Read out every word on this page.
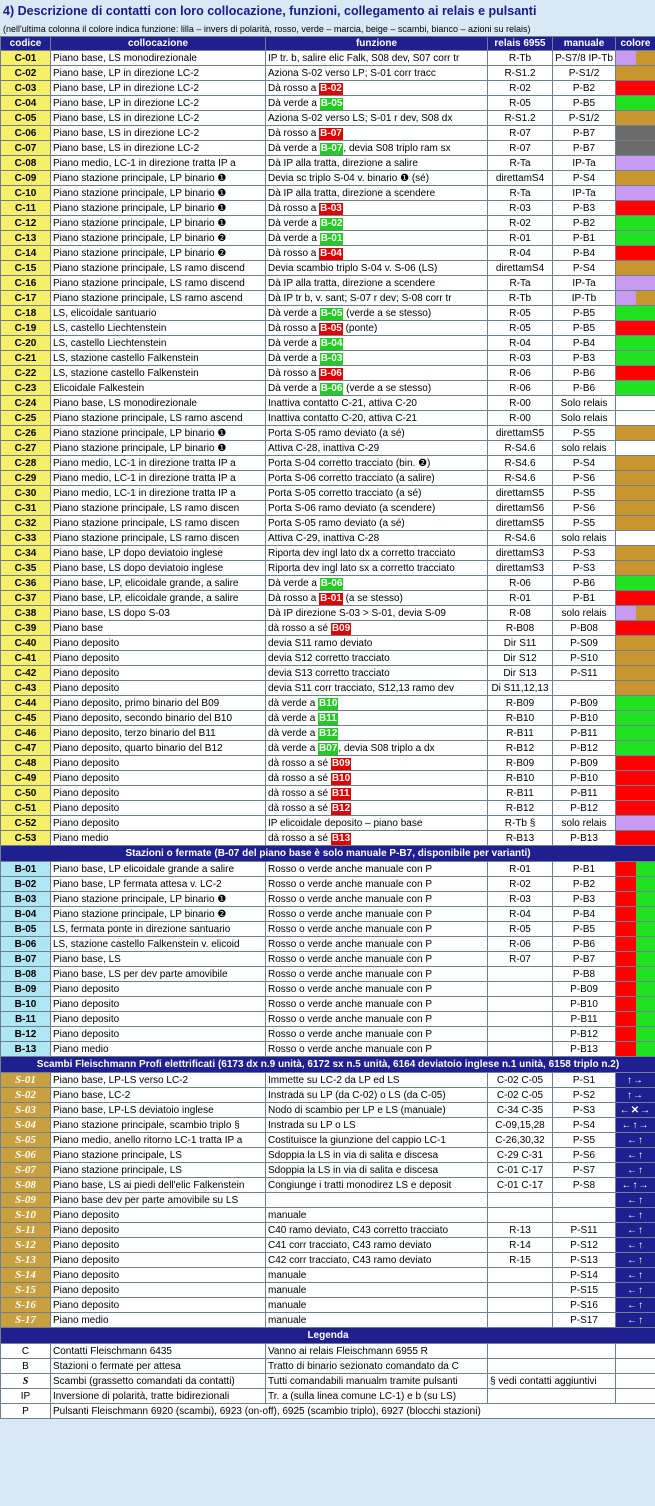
4) Descrizione di contatti con loro collocazione, funzioni, collegamento ai relais e pulsanti
(nell'ultima colonna il colore indica funzione: lilla – invers di polarità, rosso, verde – marcia, beige – scambi, bianco – azioni su relais)
codice	collocazione	funzione	relais 6955	manuale	colore
C-01	Piano base, LS monodirezionale	IP tr. b, salire elic Falk, S08 dev, S07 corr tr	R-Tb	P-S7/8 IP-Tb	

C-02	Piano base, LP in direzione LC-2	Aziona S-02 verso LP; S-01 corr tracc	R-S1.2	P-S1/2	

C-03	Piano base, LP in direzione LC-2	Dà rosso a B-02	R-02	P-B2	

C-04	Piano base, LP in direzione LC-2	Dà verde a B-05	R-05	P-B5	

C-05	Piano base, LS in direzione LC-2	Aziona S-02 verso LS; S-01 r dev, S08 dx	R-S1.2	P-S1/2	

C-06	Piano base, LS in direzione LC-2	Dà rosso a B-07	R-07	P-B7	

C-07	Piano base, LS in direzione LC-2	Dà verde a B-07, devia S08 triplo ram sx	R-07	P-B7	

C-08	Piano medio, LC-1 in direzione tratta IP a	Dà IP alla tratta, direzione a salire	R-Ta	IP-Ta	

C-09	Piano stazione principale, LP binario ❶	Devia sc triplo S-04 v. binario ❶ (sé)	direttamS4	P-S4	

C-10	Piano stazione principale, LP binario ❶	Dà IP alla tratta, direzione a scendere	R-Ta	IP-Ta	

C-11	Piano stazione principale, LP binario ❶	Dà rosso a B-03	R-03	P-B3	

C-12	Piano stazione principale, LP binario ❶	Dà verde a B-02	R-02	P-B2	

C-13	Piano stazione principale, LP binario ❷	Dà verde a B-01	R-01	P-B1	

C-14	Piano stazione principale, LP binario ❷	Dà rosso a B-04	R-04	P-B4	

C-15	Piano stazione principale, LS ramo discend	Devia scambio triplo S-04 v. S-06 (LS)	direttamS4	P-S4	

C-16	Piano stazione principale, LS ramo discend	Dà IP alla tratta, direzione a scendere	R-Ta	IP-Ta	

C-17	Piano stazione principale, LS ramo ascend	Dà IP tr b, v. sant; S-07 r dev; S-08 corr tr	R-Tb	IP-Tb	

C-18	LS, elicoidale santuario	Dà verde a B-05 (verde a se stesso)	R-05	P-B5	

C-19	LS, castello Liechtenstein	Dà rosso a B-05 (ponte)	R-05	P-B5	

C-20	LS, castello Liechtenstein	Dà verde a B-04	R-04	P-B4	

C-21	LS, stazione castello Falkenstein	Dà verde a B-03	R-03	P-B3	

C-22	LS, stazione castello Falkenstein	Dà rosso a B-06	R-06	P-B6	

C-23	Elicoidale Falkestein	Dà verde a B-06 (verde a se stesso)	R-06	P-B6	

C-24	Piano base, LS monodirezionale	Inattiva contatto C-21, attiva C-20	R-00	Solo relais	

C-25	Piano stazione principale, LS ramo ascend	Inattiva contatto C-20, attiva C-21	R-00	Solo relais	

C-26	Piano stazione principale, LP binario ❶	Porta S-05 ramo deviato (a sé)	direttamS5	P-S5	

C-27	Piano stazione principale, LP binario ❶	Attiva C-28, inattiva C-29	R-S4.6	solo relais	

C-28	Piano medio, LC-1 in direzione tratta IP a	Porta S-04 corretto tracciato (bin. ❷)	R-S4.6	P-S4	

C-29	Piano medio, LC-1 in direzione tratta IP a	Porta S-06 corretto tracciato (a salire)	R-S4.6	P-S6	

C-30	Piano medio, LC-1 in direzione tratta IP a	Porta S-05 corretto tracciato (a sé)	direttamS5	P-S5	

C-31	Piano stazione principale, LS ramo discen	Porta S-06 ramo deviato (a scendere)	direttamS6	P-S6	

C-32	Piano stazione principale, LS ramo discen	Porta S-05 ramo deviato (a sé)	direttamS5	P-S5	

C-33	Piano stazione principale, LS ramo discen	Attiva C-29, inattiva C-28	R-S4.6	solo relais	

C-34	Piano base, LP dopo deviatoio inglese	Riporta dev ingl lato dx a corretto tracciato	direttamS3	P-S3	

C-35	Piano base, LS dopo deviatoio inglese	Riporta dev ingl lato sx a corretto tracciato	direttamS3	P-S3	

C-36	Piano base, LP, elicoidale grande, a salire	Dà verde a B-06	R-06	P-B6	

C-37	Piano base, LP, elicoidale grande, a salire	Dà rosso a B-01 (a se stesso)	R-01	P-B1	

C-38	Piano base, LS dopo S-03	Dà IP direzione S-03 > S-01, devia S-09	R-08	solo relais	

C-39	Piano base	dà rosso a sé B09	R-B08	P-B08	

C-40	Piano deposito	devia S11 ramo deviato	Dir S11	P-S09	

C-41	Piano deposito	devia S12 corretto tracciato	Dir S12	P-S10	

C-42	Piano deposito	devia S13 corretto tracciato	Dir S13	P-S11	

C-43	Piano deposito	devia S11 corr tracciato, S12,13 ramo dev	Di S11,12,13		

C-44	Piano deposito, primo binario del B09	dà verde a B10	R-B09	P-B09	

C-45	Piano deposito, secondo binario del B10	dà verde a B11	R-B10	P-B10	

C-46	Piano deposito, terzo binario del B11	dà verde a B12	R-B11	P-B11	

C-47	Piano deposito, quarto binario del B12	dà verde a B07, devia S08 triplo a dx	R-B12	P-B12	

C-48	Piano deposito	dà rosso a sé B09	R-B09	P-B09	

C-49	Piano deposito	dà rosso a sé B10	R-B10	P-B10	

C-50	Piano deposito	dà rosso a sé B11	R-B11	P-B11	

C-51	Piano deposito	dà rosso a sé B12	R-B12	P-B12	

C-52	Piano deposito	IP elicoidale deposito – piano base	R-Tb §	solo relais	

C-53	Piano medio	dà rosso a sé B13	R-B13	P-B13	

Stazioni o fermate (B-07 del piano base è solo manuale P-B7, disponibile per varianti)					
B-01	Piano base, LP elicoidale grande a salire	Rosso o verde anche manuale con P	R-01	P-B1	

B-02	Piano base, LP fermata attesa v. LC-2	Rosso o verde anche manuale con P	R-02	P-B2	

B-03	Piano stazione principale, LP binario ❶	Rosso o verde anche manuale con P	R-03	P-B3	

B-04	Piano stazione principale, LP binario ❷	Rosso o verde anche manuale con P	R-04	P-B4	

B-05	LS, fermata ponte in direzione santuario	Rosso o verde anche manuale con P	R-05	P-B5	

B-06	LS, stazione castello Falkenstein v. elicoid	Rosso o verde anche manuale con P	R-06	P-B6	

B-07	Piano base, LS	Rosso o verde anche manuale con P	R-07	P-B7	

B-08	Piano base, LS per dev parte amovibile	Rosso o verde anche manuale con P		P-B8	

B-09	Piano deposito	Rosso o verde anche manuale con P		P-B09	

B-10	Piano deposito	Rosso o verde anche manuale con P		P-B10	

B-11	Piano deposito	Rosso o verde anche manuale con P		P-B11	

B-12	Piano deposito	Rosso o verde anche manuale con P		P-B12	

B-13	Piano medio	Rosso o verde anche manuale con P		P-B13	

Scambi Fleischmann Profi elettrificati (6173 dx n.9 unità, 6172 sx n.5 unità, 6164 deviatoio inglese n.1 unità, 6158 triplo n.2)					
S-01	Piano base, LP-LS verso LC-2	Immette su LC-2 da LP ed LS	C-02 C-05	P-S1	↑→

S-02	Piano base, LC-2	Instrada su LP (da C-02) o LS (da C-05)	C-02 C-05	P-S2	↑→

S-03	Piano base, LP-LS deviatoio inglese	Nodo di scambio per LP e LS (manuale)	C-34 C-35	P-S3	←✕→

S-04	Piano stazione principale, scambio triplo §	Instrada su LP o LS	C-09,15,28	P-S4	←↑→

S-05	Piano medio, anello ritorno LC-1 tratta IP a	Costituisce la giunzione del cappio LC-1	C-26,30,32	P-S5	←↑

S-06	Piano stazione principale, LS	Sdoppia la LS in via di salita e discesa	C-29 C-31	P-S6	←↑

S-07	Piano stazione principale, LS	Sdoppia la LS in via di salita e discesa	C-01 C-17	P-S7	←↑

S-08	Piano base, LS ai piedi dell'elic Falkenstein	Congiunge i tratti monodirez LS e deposit	C-01 C-17	P-S8	←↑→

S-09	Piano base dev per parte amovibile su LS				←↑

S-10	Piano deposito	manuale			←↑

S-11	Piano deposito	C40 ramo deviato, C43 corretto tracciato	R-13	P-S11	←↑

S-12	Piano deposito	C41 corr tracciato, C43 ramo deviato	R-14	P-S12	←↑

S-13	Piano deposito	C42 corr tracciato, C43 ramo deviato	R-15	P-S13	←↑

S-14	Piano deposito	manuale		P-S14	←↑

S-15	Piano deposito	manuale		P-S15	←↑

S-16	Piano deposito	manuale		P-S16	←↑

S-17	Piano medio	manuale		P-S17	←↑

Legenda					
C	Contatti Fleischmann 6435	Vanno ai relais Fleischmann 6955 R			
B	Stazioni o fermate per attesa	Tratto di binario sezionato comandato da C			
S	Scambi (grassetto comandati da contatti)	Tutti comandabili manualm tramite pulsanti	§ vedi contatti aggiuntivi		
IP	Inversione di polarità, tratte bidirezionali	Tr. a (sulla linea comune LC-1) e b (su LS)			
P	Pulsanti Fleischmann 6920 (scambi), 6923 (on-off), 6925 (scambio triplo), 6927 (blocchi stazioni)				
